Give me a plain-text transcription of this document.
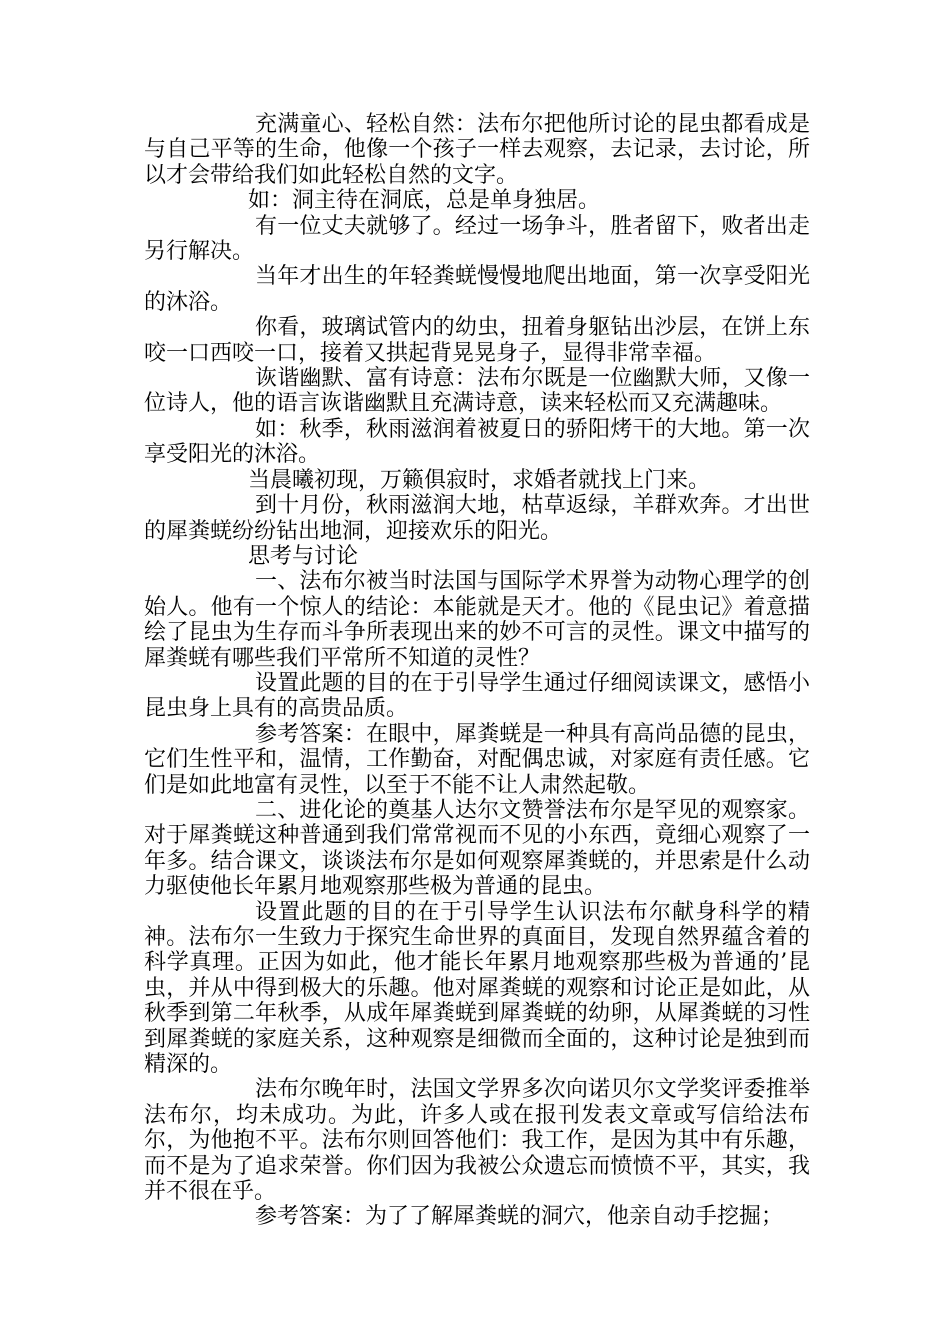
充满童心、轻松自然：法布尔把他所讨论的昆虫都看成是与自己平等的生命，他像一个孩子一样去观察，去记录，去讨论，所以才会带给我们如此轻松自然的文字。

如：洞主待在洞底，总是单身独居。

有一位丈夫就够了。经过一场争斗，胜者留下，败者出走另行解决。

当年才出生的年轻粪蜣慢慢地爬出地面，第一次享受阳光的沐浴。

你看，玻璃试管内的幼虫，扭着身躯钻出沙层，在饼上东咬一口西咬一口，接着又拱起背晃晃身子，显得非常幸福。

诙谐幽默、富有诗意：法布尔既是一位幽默大师，又像一位诗人，他的语言诙谐幽默且充满诗意，读来轻松而又充满趣味。

如：秋季，秋雨滋润着被夏日的骄阳烤干的大地。第一次享受阳光的沐浴。

当晨曦初现，万籁俱寂时，求婚者就找上门来。

到十月份，秋雨滋润大地，枯草返绿，羊群欢奔。才出世的犀粪蜣纷纷钻出地洞，迎接欢乐的阳光。

思考与讨论

一、法布尔被当时法国与国际学术界誉为动物心理学的创始人。他有一个惊人的结论：本能就是天才。他的《昆虫记》着意描绘了昆虫为生存而斗争所表现出来的妙不可言的灵性。课文中描写的犀粪蜣有哪些我们平常所不知道的灵性？

设置此题的目的在于引导学生通过仔细阅读课文，感悟小昆虫身上具有的高贵品质。

参考答案：在眼中，犀粪蜣是一种具有高尚品德的昆虫，它们生性平和，温情，工作勤奋，对配偶忠诚，对家庭有责任感。它们是如此地富有灵性，以至于不能不让人肃然起敬。

二、进化论的奠基人达尔文赞誉法布尔是罕见的观察家。对于犀粪蜣这种普通到我们常常视而不见的小东西，竟细心观察了一年多。结合课文，谈谈法布尔是如何观察犀粪蜣的，并思索是什么动力驱使他长年累月地观察那些极为普通的昆虫。

设置此题的目的在于引导学生认识法布尔献身科学的精神。法布尔一生致力于探究生命世界的真面目，发现自然界蕴含着的科学真理。正因为如此，他才能长年累月地观察那些极为普通的’昆虫，并从中得到极大的乐趣。他对犀粪蜣的观察和讨论正是如此，从秋季到第二年秋季，从成年犀粪蜣到犀粪蜣的幼卵，从犀粪蜣的习性到犀粪蜣的家庭关系，这种观察是细微而全面的，这种讨论是独到而精深的。

法布尔晚年时，法国文学界多次向诺贝尔文学奖评委推举法布尔，均未成功。为此，许多人或在报刊发表文章或写信给法布尔，为他抱不平。法布尔则回答他们：我工作，是因为其中有乐趣，而不是为了追求荣誉。你们因为我被公众遗忘而愤愤不平，其实，我并不很在乎。

参考答案：为了了解犀粪蜣的洞穴，他亲自动手挖掘；
